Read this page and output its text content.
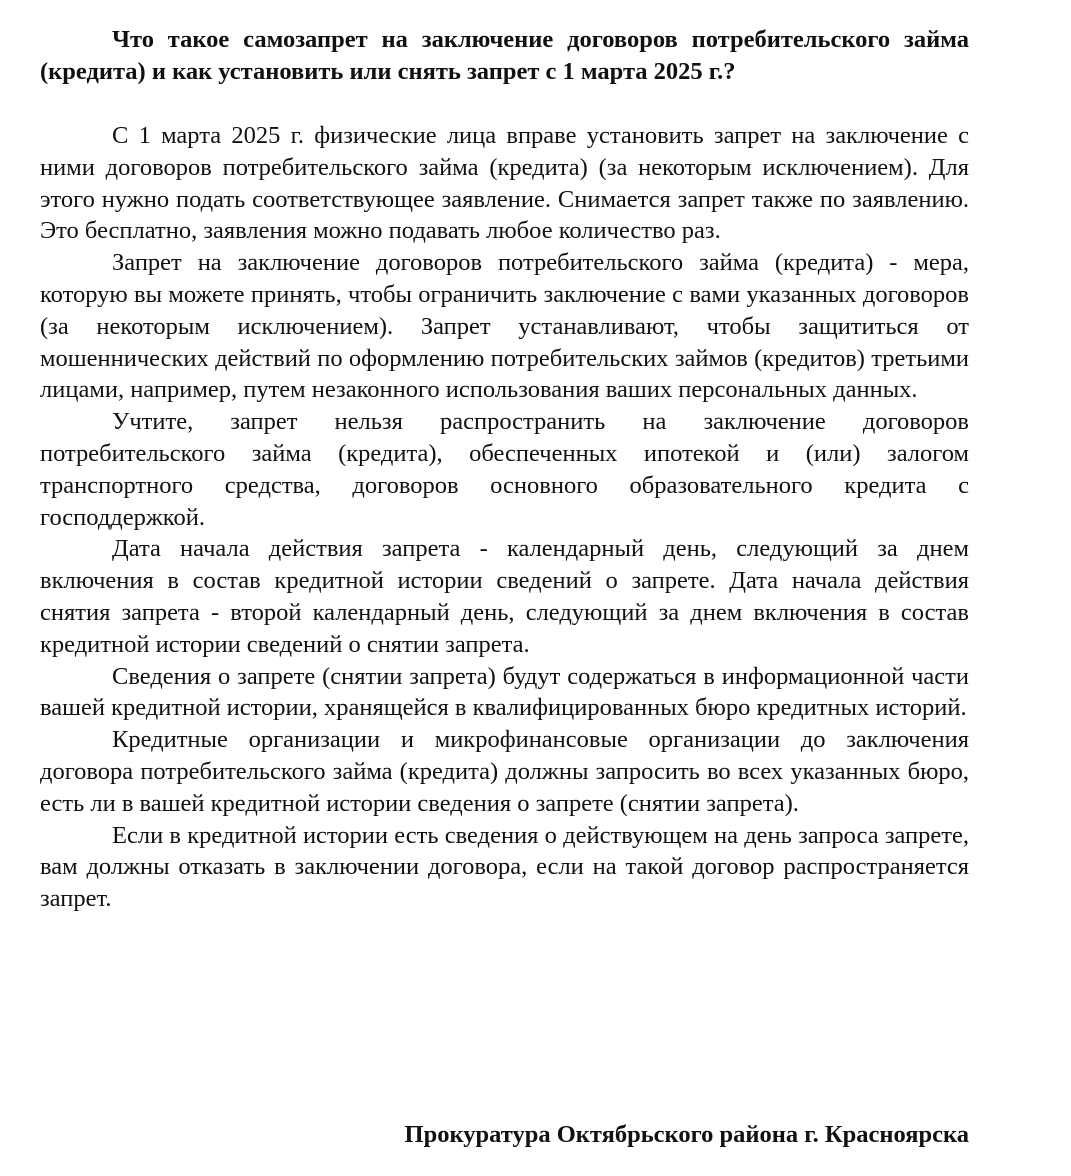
Что такое самозапрет на заключение договоров потребительского займа (кредита) и как установить или снять запрет с 1 марта 2025 г.?

С 1 марта 2025 г. физические лица вправе установить запрет на заключение с ними договоров потребительского займа (кредита) (за некоторым исключением). Для этого нужно подать соответствующее заявление. Снимается запрет также по заявлению. Это бесплатно, заявления можно подавать любое количество раз.

Запрет на заключение договоров потребительского займа (кредита) - мера, которую вы можете принять, чтобы ограничить заключение с вами указанных договоров (за некоторым исключением). Запрет устанавливают, чтобы защититься от мошеннических действий по оформлению потребительских займов (кредитов) третьими лицами, например, путем незаконного использования ваших персональных данных.

Учтите, запрет нельзя распространить на заключение договоров потребительского займа (кредита), обеспеченных ипотекой и (или) залогом транспортного средства, договоров основного образовательного кредита с господдержкой.

Дата начала действия запрета - календарный день, следующий за днем включения в состав кредитной истории сведений о запрете. Дата начала действия снятия запрета - второй календарный день, следующий за днем включения в состав кредитной истории сведений о снятии запрета.

Сведения о запрете (снятии запрета) будут содержаться в информационной части вашей кредитной истории, хранящейся в квалифицированных бюро кредитных историй.

Кредитные организации и микрофинансовые организации до заключения договора потребительского займа (кредита) должны запросить во всех указанных бюро, есть ли в вашей кредитной истории сведения о запрете (снятии запрета).

Если в кредитной истории есть сведения о действующем на день запроса запрете, вам должны отказать в заключении договора, если на такой договор распространяется запрет.

Прокуратура Октябрьского района г. Красноярска
